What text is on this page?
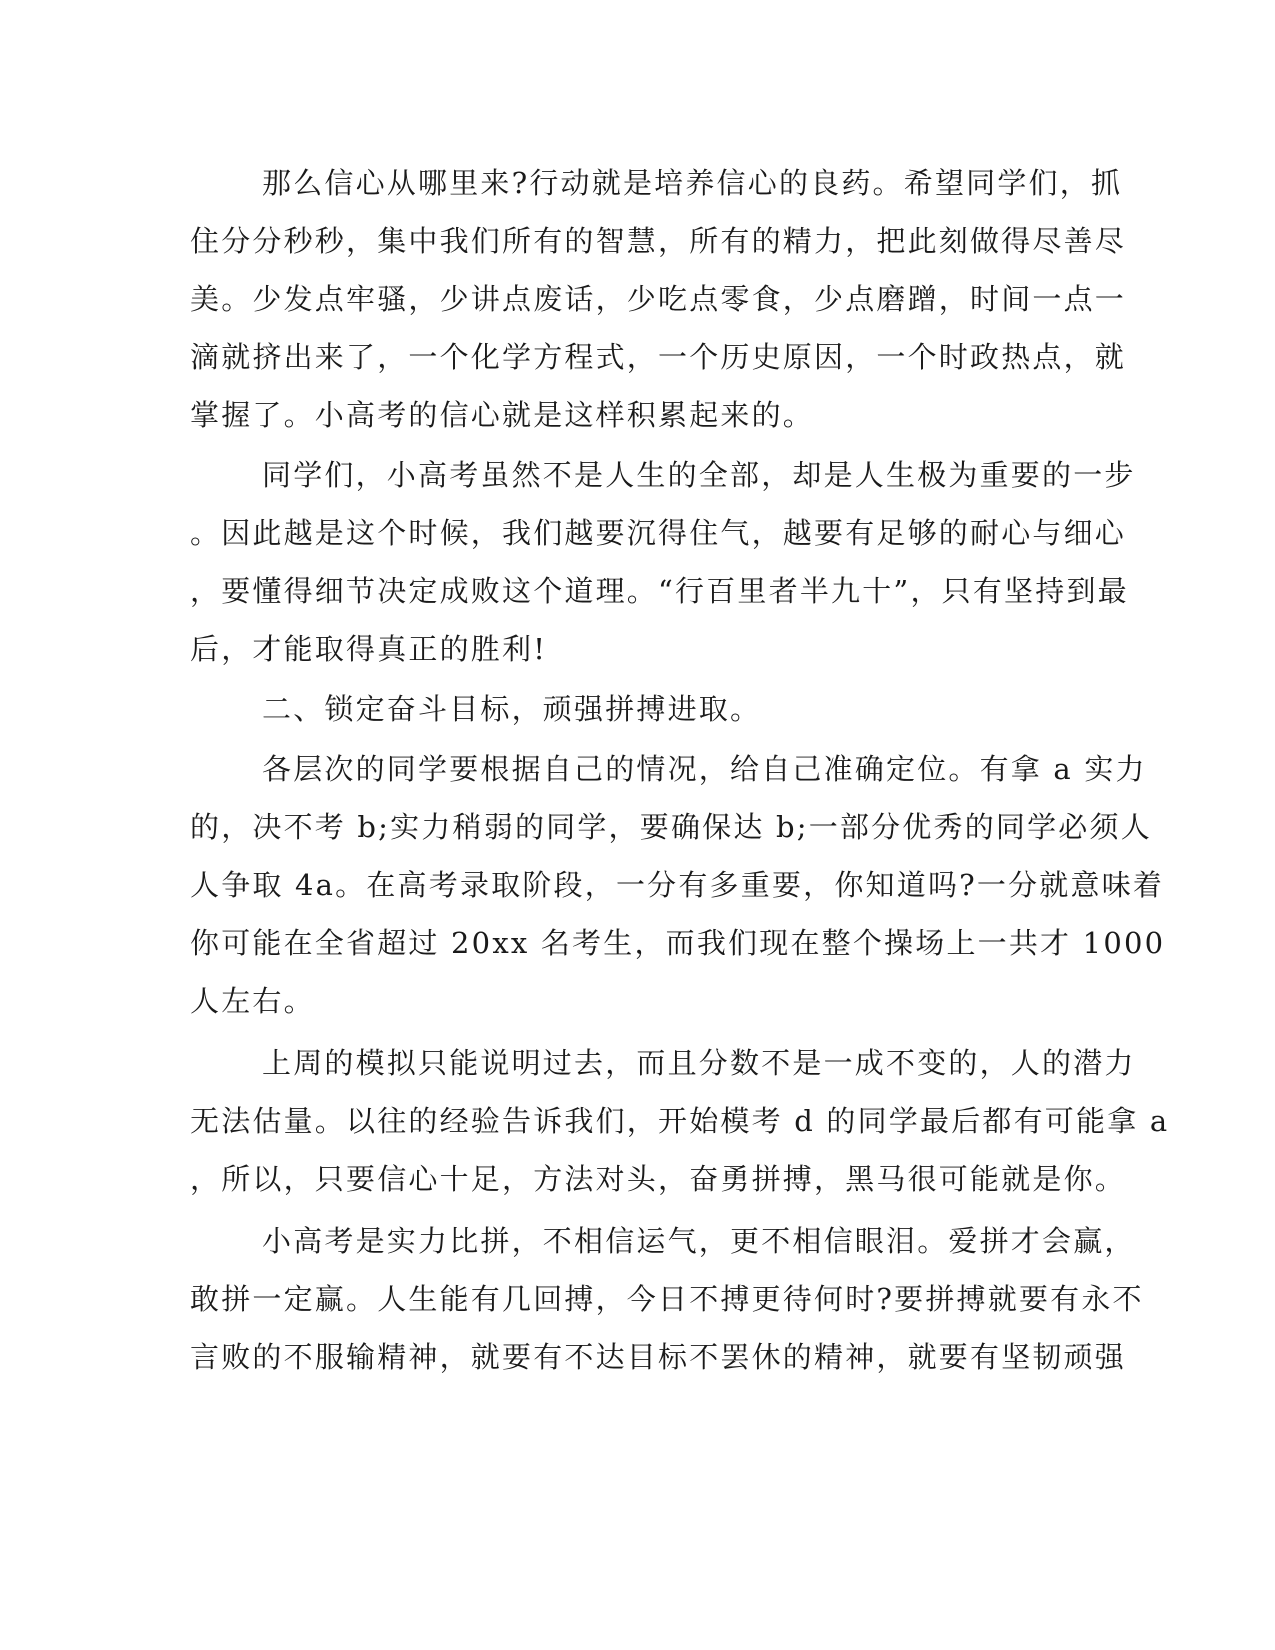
那么信心从哪里来?行动就是培养信心的良药。希望同学们，抓
住分分秒秒，集中我们所有的智慧，所有的精力，把此刻做得尽善尽
美。少发点牢骚，少讲点废话，少吃点零食，少点磨蹭，时间一点一
滴就挤出来了，一个化学方程式，一个历史原因，一个时政热点，就
掌握了。小高考的信心就是这样积累起来的。
同学们，小高考虽然不是人生的全部，却是人生极为重要的一步
。因此越是这个时候，我们越要沉得住气，越要有足够的耐心与细心
，要懂得细节决定成败这个道理。“行百里者半九十”，只有坚持到最
后，才能取得真正的胜利!
二、锁定奋斗目标，顽强拼搏进取。
各层次的同学要根据自己的情况，给自己准确定位。有拿 a 实力
的，决不考 b;实力稍弱的同学，要确保达 b;一部分优秀的同学必须人
人争取 4a。在高考录取阶段，一分有多重要，你知道吗?一分就意味着
你可能在全省超过 20xx 名考生，而我们现在整个操场上一共才 1000
人左右。
上周的模拟只能说明过去，而且分数不是一成不变的，人的潜力
无法估量。以往的经验告诉我们，开始模考 d 的同学最后都有可能拿 a
，所以，只要信心十足，方法对头，奋勇拼搏，黑马很可能就是你。
小高考是实力比拼，不相信运气，更不相信眼泪。爱拼才会赢，
敢拼一定赢。人生能有几回搏，今日不搏更待何时?要拼搏就要有永不
言败的不服输精神，就要有不达目标不罢休的精神，就要有坚韧顽强
